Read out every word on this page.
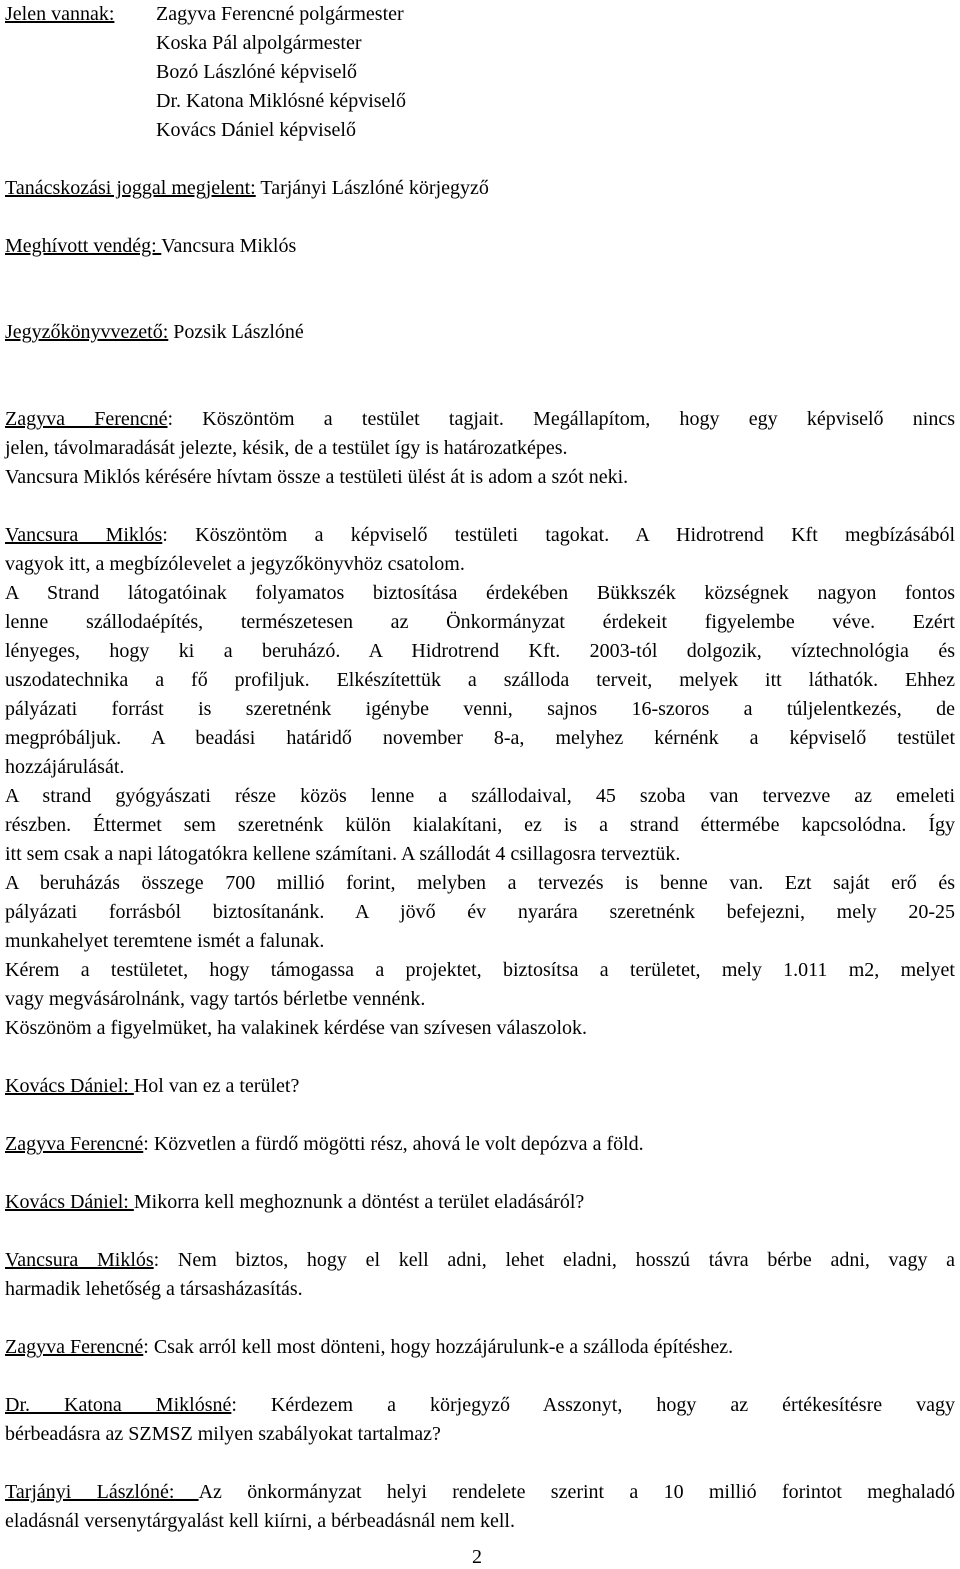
Jelen vannak: Zagyva Ferencné polgármester
Koska Pál alpolgármester
Bozó Lászlóné képviselő
Dr. Katona Miklósné képviselő
Kovács Dániel képviselő
Tanácskozási joggal megjelent: Tarjányi Lászlóné körjegyző
Meghívott vendég: Vancsura Miklós
Jegyzőkönyvvezető: Pozsik Lászlóné
Zagyva Ferencné: Köszöntöm a testület tagjait. Megállapítom, hogy egy képviselő nincs
jelen, távolmaradását jelezte, késik, de a testület így is határozatképes.
Vancsura Miklós kérésére hívtam össze a testületi ülést át is adom a szót neki.
Vancsura Miklós: Köszöntöm a képviselő testületi tagokat. A Hidrotrend Kft megbízásából
vagyok itt, a megbízólevelet a jegyzőkönyvhöz csatolom.
A Strand látogatóinak folyamatos biztosítása érdekében Bükkszék községnek nagyon fontos
lenne szállodaépítés, természetesen az Önkormányzat érdekeit figyelembe véve. Ezért
lényeges, hogy ki a beruházó. A Hidrotrend Kft. 2003-tól dolgozik, víztechnológia és
uszodatechnika a fő profiljuk. Elkészítettük a szálloda terveit, melyek itt láthatók. Ehhez
pályázati forrást is szeretnénk igénybe venni, sajnos 16-szoros a túljelentkezés, de
megpróbáljuk. A beadási határidő november 8-a, melyhez kérnénk a képviselő testület
hozzájárulását.
A strand gyógyászati része közös lenne a szállodaival, 45 szoba van tervezve az emeleti
részben. Éttermet sem szeretnénk külön kialakítani, ez is a strand éttermébe kapcsolódna. Így
itt sem csak a napi látogatókra kellene számítani. A szállodát 4 csillagosra terveztük.
A beruházás összege 700 millió forint, melyben a tervezés is benne van. Ezt saját erő és
pályázati forrásból biztosítanánk. A jövő év nyarára szeretnénk befejezni, mely 20-25
munkahelyet teremtene ismét a falunak.
Kérem a testületet, hogy támogassa a projektet, biztosítsa a területet, mely 1.011 m2, melyet
vagy megvásárolnánk, vagy tartós bérletbe vennénk.
Köszönöm a figyelmüket, ha valakinek kérdése van szívesen válaszolok.
Kovács Dániel: Hol van ez a terület?
Zagyva Ferencné: Közvetlen a fürdő mögötti rész, ahová le volt depózva a föld.
Kovács Dániel: Mikorra kell meghoznunk a döntést a terület eladásáról?
Vancsura Miklós: Nem biztos, hogy el kell adni, lehet eladni, hosszú távra bérbe adni, vagy a
harmadik lehetőség a társasházasítás.
Zagyva Ferencné: Csak arról kell most dönteni, hogy hozzájárulunk-e a szálloda építéshez.
Dr. Katona Miklósné: Kérdezem a körjegyző Asszonyt, hogy az értékesítésre vagy
bérbeadásra az SZMSZ milyen szabályokat tartalmaz?
Tarjányi Lászlóné: Az önkormányzat helyi rendelete szerint a 10 millió forintot meghaladó
eladásnál versenytárgyalást kell kiírni, a bérbeadásnál nem kell.
2
